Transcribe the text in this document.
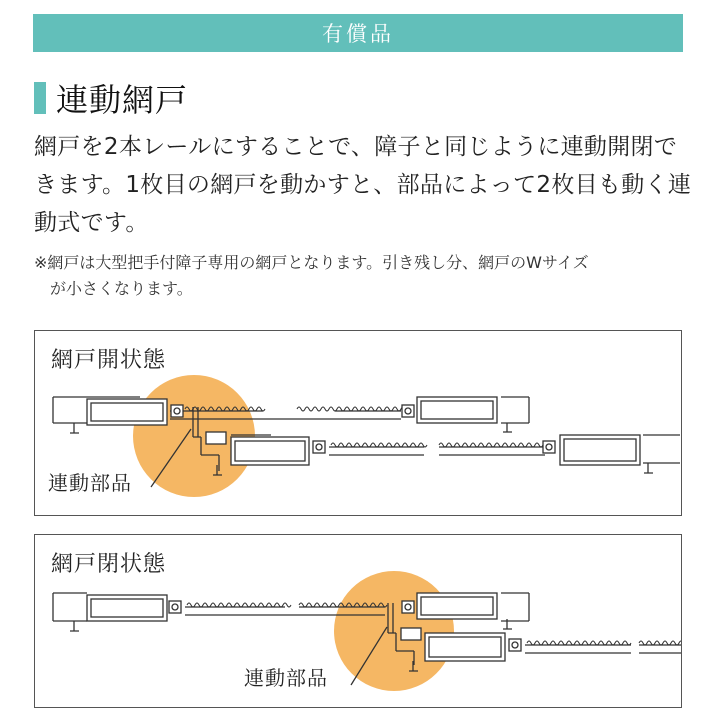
有償品
連動網戸
網戸を2本レールにすることで、障子と同じように連動開閉できます。1枚目の網戸を動かすと、部品によって2枚目も動く連動式です。
※網戸は大型把手付障子専用の網戸となります。引き残し分、網戸のWサイズ
が小さくなります。
網戸開状態
連動部品
網戸閉状態
連動部品
